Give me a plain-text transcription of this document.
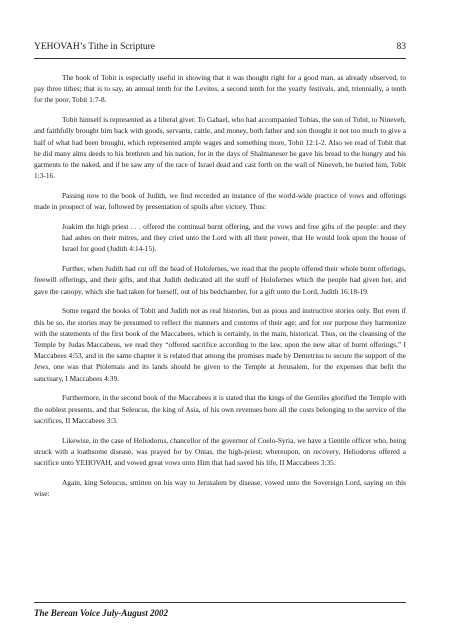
YEHOVAH’s Tithe in Scripture	83

The book of Tobit is especially useful in showing that it was thought right for a good man, as already observed, to pay three tithes; that is to say, an annual tenth for the Levites, a second tenth for the yearly festivals, and, triennially, a tenth for the poor, Tobit 1:7-8.

Tobit himself is represented as a liberal giver. To Gabael, who had accompanied Tobias, the son of Tobit, to Nineveh, and faithfully brought him back with goods, servants, cattle, and money, both father and son thought it not too much to give a half of what had been brought, which represented ample wages and something more, Tobit 12:1-2. Also we read of Tobit that he did many alms deeds to his brethren and his nation, for in the days of Shalmaneser he gave his bread to the hungry and his garments to the naked, and if he saw any of the race of Israel dead and cast forth on the wall of Nineveh, he buried him, Tobit 1:3-16.

Passing now to the book of Judith, we find recorded an instance of the world-wide practice of vows and offerings made in prospect of war, followed by presentation of spoils after victory. Thus:

Joakim the high priest . . . offered the continual burnt offering, and the vows and free gifts of the people: and they had ashes on their mitres, and they cried unto the Lord with all their power, that He would look upon the house of Israel for good (Judith 4:14-15).

Further, when Judith had cut off the head of Holofernes, we read that the people offered their whole burnt offerings, freewill offerings, and their gifts, and that Judith dedicated all the stuff of Holofernes which the people had given her, and gave the canopy, which she had taken for herself, out of his bedchamber, for a gift unto the Lord, Judith 16:18-19.

Some regard the books of Tobit and Judith not as real histories, but as pious and instructive stories only. But even if this be so, the stories may be presumed to reflect the manners and customs of their age; and for our purpose they harmonize with the statements of the first book of the Maccabees, which is certainly, in the main, historical. Thus, on the cleansing of the Temple by Judas Maccabeus, we read they “offered sacrifice according to the law, upon the new altar of burnt offerings,” I Maccabees 4:53, and in the same chapter it is related that among the promises made by Demetrius to secure the support of the Jews, one was that Ptolemais and its lands should be given to the Temple at Jerusalem, for the expenses that befit the sanctuary, I Maccabees 4:39.

Furthermore, in the second book of the Maccabees it is stated that the kings of the Gentiles glorified the Temple with the noblest presents, and that Seleucus, the king of Asia, of his own revenues bore all the costs belonging to the service of the sacrifices, II Maccabees 3:3.

Likewise, in the case of Heliodorus, chancellor of the governor of Coelo-Syria, we have a Gentile officer who, being struck with a loathsome disease, was prayed for by Onias, the high-priest; whereupon, on recovery, Heliodorus offered a sacrifice unto YEHOVAH, and vowed great vows unto Him that had saved his life, II Maccabees 3:35.

Again, king Seleucus, smitten on his way to Jerusalem by disease, vowed unto the Sovereign Lord, saying on this wise:

The Berean Voice July-August 2002
